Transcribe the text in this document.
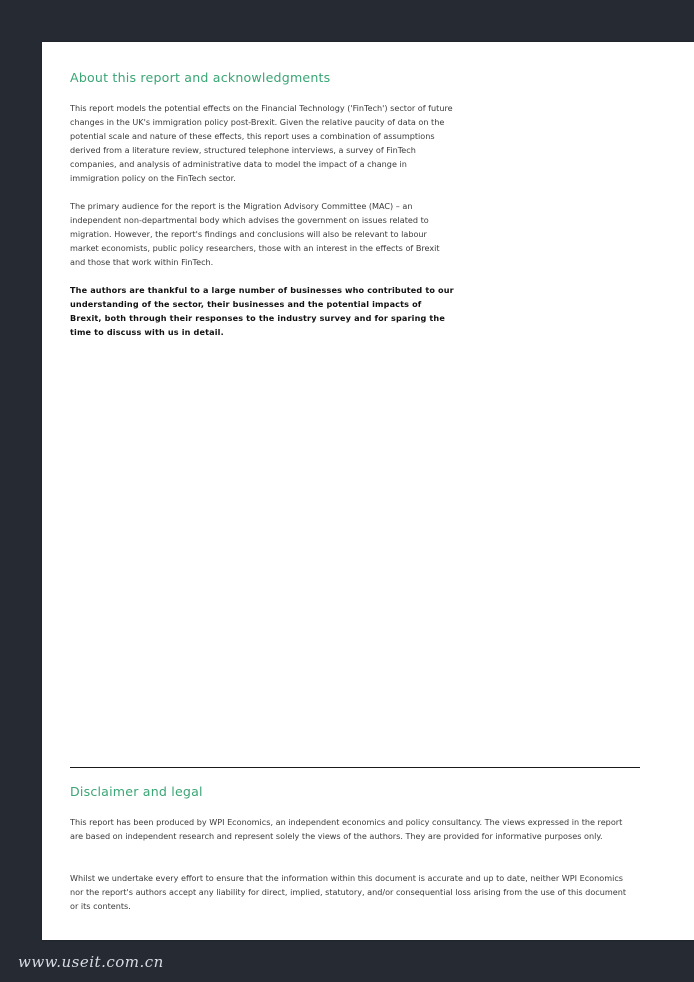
About this report and acknowledgments

This report models the potential effects on the Financial Technology ('FinTech') sector of future changes in the UK's immigration policy post-Brexit. Given the relative paucity of data on the potential scale and nature of these effects, this report uses a combination of assumptions derived from a literature review, structured telephone interviews, a survey of FinTech companies, and analysis of administrative data to model the impact of a change in immigration policy on the FinTech sector.

The primary audience for the report is the Migration Advisory Committee (MAC) – an independent non-departmental body which advises the government on issues related to migration. However, the report's findings and conclusions will also be relevant to labour market economists, public policy researchers, those with an interest in the effects of Brexit and those that work within FinTech.

The authors are thankful to a large number of businesses who contributed to our understanding of the sector, their businesses and the potential impacts of Brexit, both through their responses to the industry survey and for sparing the time to discuss with us in detail.

Disclaimer and legal

This report has been produced by WPI Economics, an independent economics and policy consultancy. The views expressed in the report are based on independent research and represent solely the views of the authors. They are provided for informative purposes only.

Whilst we undertake every effort to ensure that the information within this document is accurate and up to date, neither WPI Economics nor the report's authors accept any liability for direct, implied, statutory, and/or consequential loss arising from the use of this document or its contents.

www.useit.com.cn
